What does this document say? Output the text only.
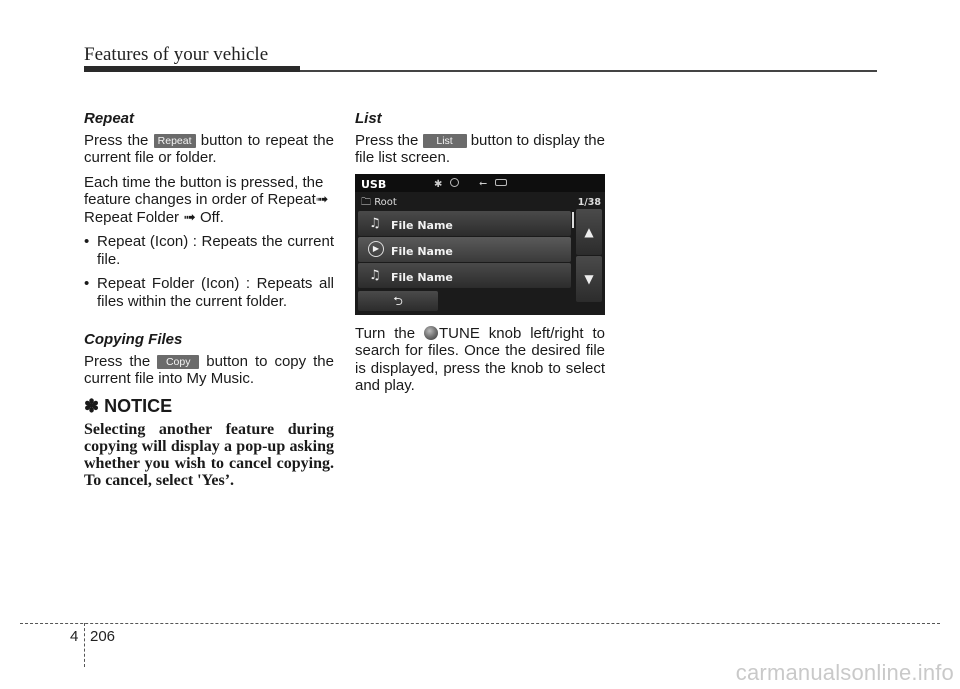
Features of your vehicle
Repeat

Press the Repeat button to repeat the current file or folder.

Each time the button is pressed, the feature changes in order of Repeat➟ Repeat Folder ➟ Off.

• Repeat (Icon) : Repeats the current file.
• Repeat Folder (Icon) : Repeats all files within the current folder.
Copying Files

Press the Copy button to copy the current file into My Music.

✽ NOTICE
Selecting another feature during copying will display a pop-up asking whether you wish to cancel copying. To cancel, select 'Yes’.
List

Press the List button to display the file list screen.

USB	✱	⭠
🗀 Root	1/38
♫ File Name
▶	File Name
♫ File Name
▲
▼
⮌

Turn the TUNE knob left/right to search for files. Once the desired file is displayed, press the knob to select and play.

4 206
carmanualsonline.info
